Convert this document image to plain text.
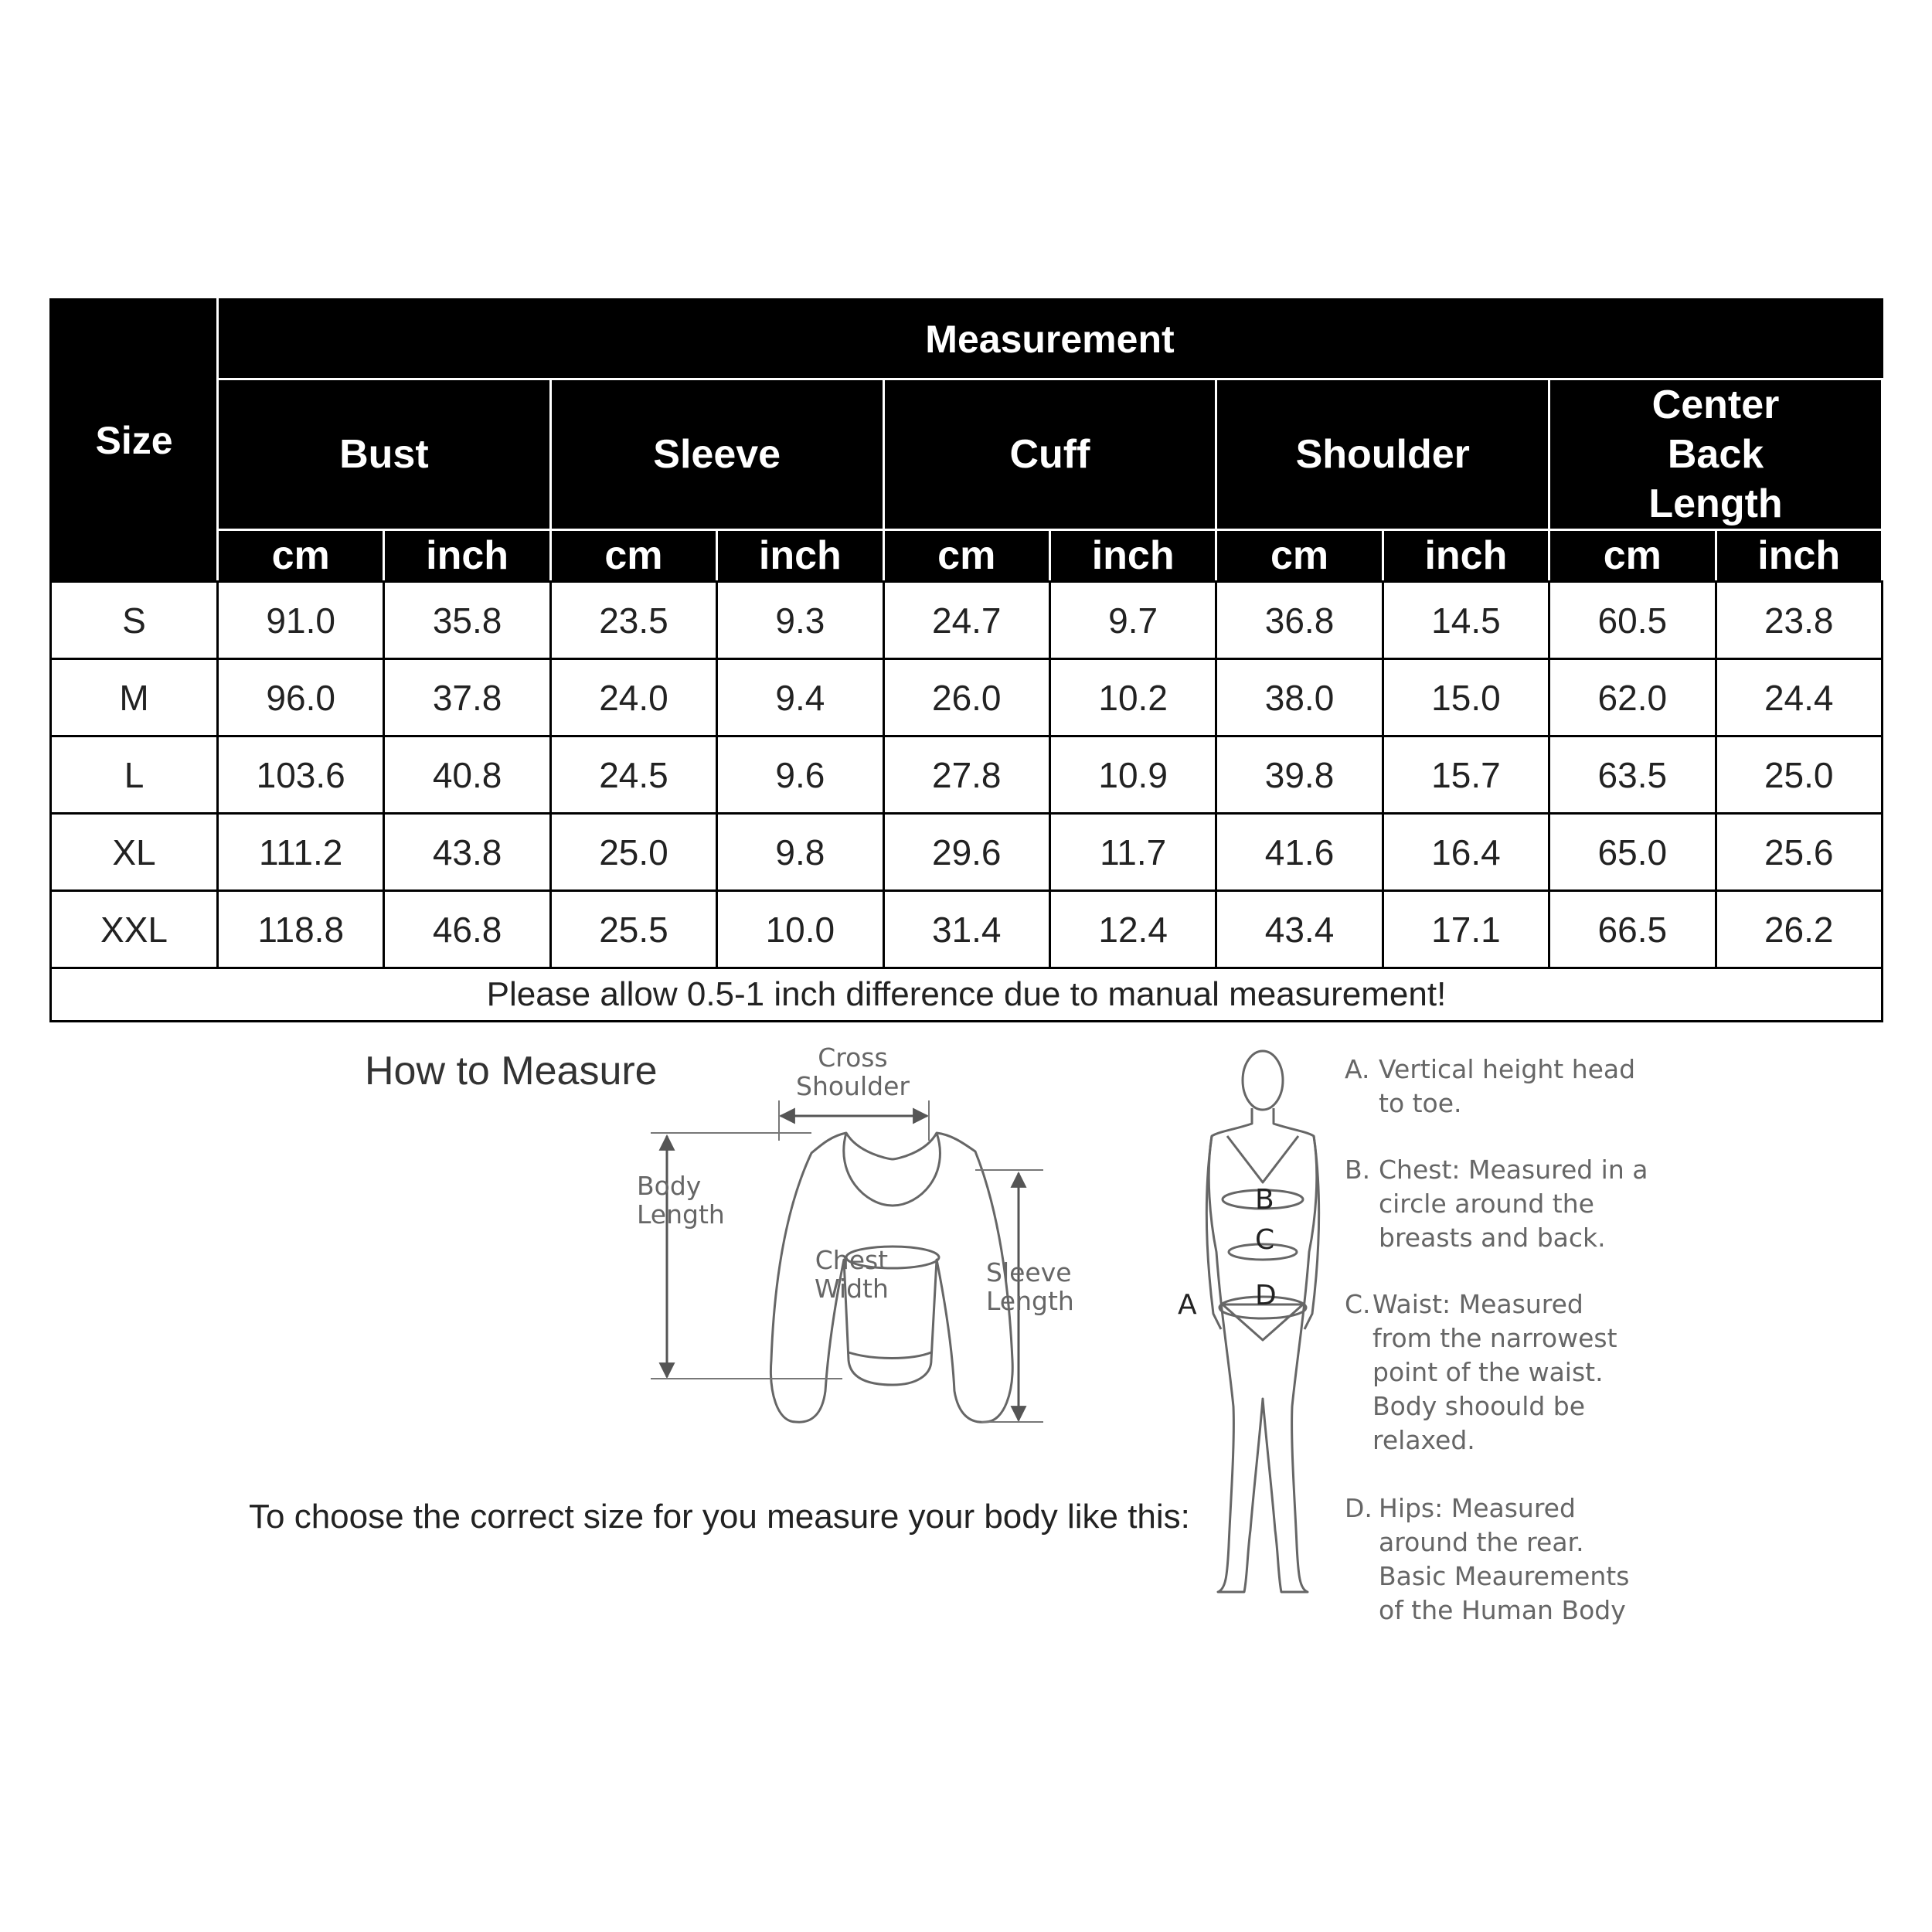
Size	Measurement									
	Bust		Sleeve		Cuff		Shoulder		Center Back Length	
	cm	inch	cm	inch	cm	inch	cm	inch	cm	inch
S	91.0	35.8	23.5	9.3	24.7	9.7	36.8	14.5	60.5	23.8
M	96.0	37.8	24.0	9.4	26.0	10.2	38.0	15.0	62.0	24.4
L	103.6	40.8	24.5	9.6	27.8	10.9	39.8	15.7	63.5	25.0
XL	111.2	43.8	25.0	9.8	29.6	11.7	41.6	16.4	65.0	25.6
XXL	118.8	46.8	25.5	10.0	31.4	12.4	43.4	17.1	66.5	26.2
Please allow 0.5-1 inch difference due to manual measurement!										
How to Measure
To choose the correct size for you measure your body like this:
Cross
Shoulder
Body
Length
Chest
Width
Sleeve
Length	A
B
C
D
A. Vertical height head
to toe.
B. Chest: Measured in a
circle around the
breasts and back.
C. Waist: Measured
from the narrowest
point of the waist.
Body shoould be
relaxed.
D. Hips: Measured
around the rear.
Basic Meaurements
of the Human Body
